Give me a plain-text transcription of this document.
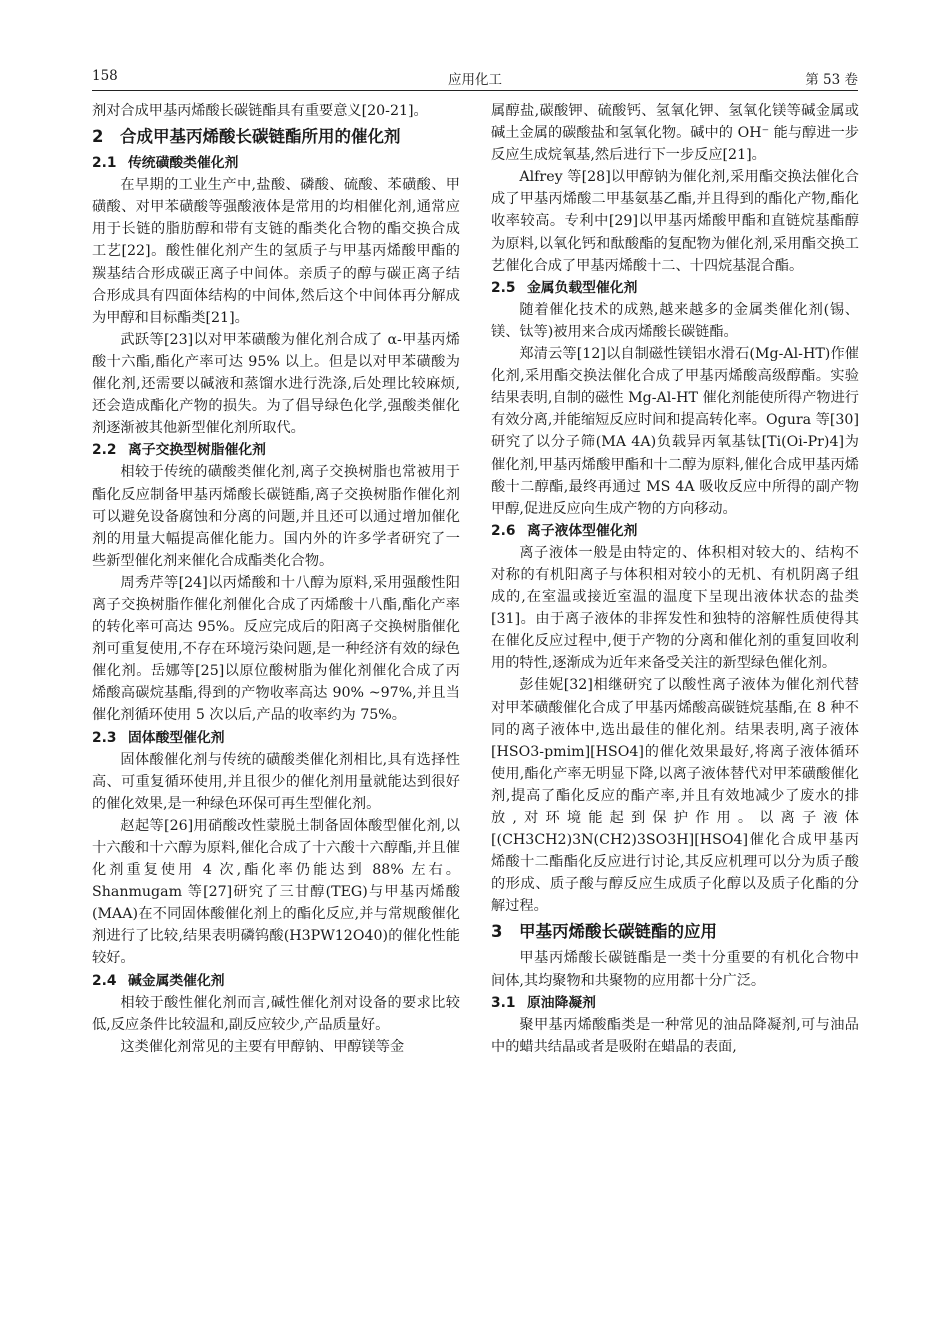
158	应用化工	第 53 卷

剂对合成甲基丙烯酸长碳链酯具有重要意义[20-21]。

2 合成甲基丙烯酸长碳链酯所用的催化剂
2.1 传统磺酸类催化剂

在早期的工业生产中,盐酸、磷酸、硫酸、苯磺酸、甲磺酸、对甲苯磺酸等强酸液体是常用的均相催化剂,通常应用于长链的脂肪醇和带有支链的酯类化合物的酯交换合成工艺[22]。酸性催化剂产生的氢质子与甲基丙烯酸甲酯的羰基结合形成碳正离子中间体。亲质子的醇与碳正离子结合形成具有四面体结构的中间体,然后这个中间体再分解成为甲醇和目标酯类[21]。

武跃等[23]以对甲苯磺酸为催化剂合成了 α-甲基丙烯酸十六酯,酯化产率可达 95% 以上。但是以对甲苯磺酸为催化剂,还需要以碱液和蒸馏水进行洗涤,后处理比较麻烦,还会造成酯化产物的损失。为了倡导绿色化学,强酸类催化剂逐渐被其他新型催化剂所取代。

2.2 离子交换型树脂催化剂

相较于传统的磺酸类催化剂,离子交换树脂也常被用于酯化反应制备甲基丙烯酸长碳链酯,离子交换树脂作催化剂可以避免设备腐蚀和分离的问题,并且还可以通过增加催化剂的用量大幅提高催化能力。国内外的许多学者研究了一些新型催化剂来催化合成酯类化合物。

周秀芹等[24]以丙烯酸和十八醇为原料,采用强酸性阳离子交换树脂作催化剂催化合成了丙烯酸十八酯,酯化产率的转化率可高达 95%。反应完成后的阳离子交换树脂催化剂可重复使用,不存在环境污染问题,是一种经济有效的绿色催化剂。岳娜等[25]以原位酸树脂为催化剂催化合成了丙烯酸高碳烷基酯,得到的产物收率高达 90% ~97%,并且当催化剂循环使用 5 次以后,产品的收率约为 75%。

2.3 固体酸型催化剂

固体酸催化剂与传统的磺酸类催化剂相比,具有选择性高、可重复循环使用,并且很少的催化剂用量就能达到很好的催化效果,是一种绿色环保可再生型催化剂。

赵起等[26]用硝酸改性蒙脱土制备固体酸型催化剂,以十六酸和十六醇为原料,催化合成了十六酸十六醇酯,并且催化剂重复使用 4 次,酯化率仍能达到 88% 左右。Shanmugam 等[27]研究了三甘醇(TEG)与甲基丙烯酸(MAA)在不同固体酸催化剂上的酯化反应,并与常规酸催化剂进行了比较,结果表明磷钨酸(H3PW12O40)的催化性能较好。

2.4 碱金属类催化剂

相较于酸性催化剂而言,碱性催化剂对设备的要求比较低,反应条件比较温和,副反应较少,产品质量好。

这类催化剂常见的主要有甲醇钠、甲醇镁等金

属醇盐,碳酸钾、硫酸钙、氢氧化钾、氢氧化镁等碱金属或碱土金属的碳酸盐和氢氧化物。碱中的 OH⁻ 能与醇进一步反应生成烷氧基,然后进行下一步反应[21]。

Alfrey 等[28]以甲醇钠为催化剂,采用酯交换法催化合成了甲基丙烯酸二甲基氨基乙酯,并且得到的酯化产物,酯化收率较高。专利中[29]以甲基丙烯酸甲酯和直链烷基酯醇为原料,以氧化钙和酞酸酯的复配物为催化剂,采用酯交换工艺催化合成了甲基丙烯酸十二、十四烷基混合酯。

2.5 金属负载型催化剂

随着催化技术的成熟,越来越多的金属类催化剂(锡、镁、钛等)被用来合成丙烯酸长碳链酯。

郑清云等[12]以自制磁性镁铝水滑石(Mg-Al-HT)作催化剂,采用酯交换法催化合成了甲基丙烯酸高级醇酯。实验结果表明,自制的磁性 Mg-Al-HT 催化剂能使所得产物进行有效分离,并能缩短反应时间和提高转化率。Ogura 等[30]研究了以分子筛(MA 4A)负载异丙氧基钛[Ti(Oi-Pr)4]为催化剂,甲基丙烯酸甲酯和十二醇为原料,催化合成甲基丙烯酸十二醇酯,最终再通过 MS 4A 吸收反应中所得的副产物甲醇,促进反应向生成产物的方向移动。

2.6 离子液体型催化剂

离子液体一般是由特定的、体积相对较大的、结构不对称的有机阳离子与体积相对较小的无机、有机阴离子组成的,在室温或接近室温的温度下呈现出液体状态的盐类[31]。由于离子液体的非挥发性和独特的溶解性质使得其在催化反应过程中,便于产物的分离和催化剂的重复回收利用的特性,逐渐成为近年来备受关注的新型绿色催化剂。

彭佳妮[32]相继研究了以酸性离子液体为催化剂代替对甲苯磺酸催化合成了甲基丙烯酸高碳链烷基酯,在 8 种不同的离子液体中,选出最佳的催化剂。结果表明,离子液体[HSO3-pmim][HSO4]的催化效果最好,将离子液体循环使用,酯化产率无明显下降,以离子液体替代对甲苯磺酸催化剂,提高了酯化反应的酯产率,并且有效地减少了废水的排放,对环境能起到保护作用。以离子液体[(CH3CH2)3N(CH2)3SO3H][HSO4]催化合成甲基丙烯酸十二酯酯化反应进行讨论,其反应机理可以分为质子酸的形成、质子酸与醇反应生成质子化醇以及质子化酯的分解过程。

3 甲基丙烯酸长碳链酯的应用

甲基丙烯酸长碳链酯是一类十分重要的有机化合物中间体,其均聚物和共聚物的应用都十分广泛。

3.1 原油降凝剂

聚甲基丙烯酸酯类是一种常见的油品降凝剂,可与油品中的蜡共结晶或者是吸附在蜡晶的表面,
